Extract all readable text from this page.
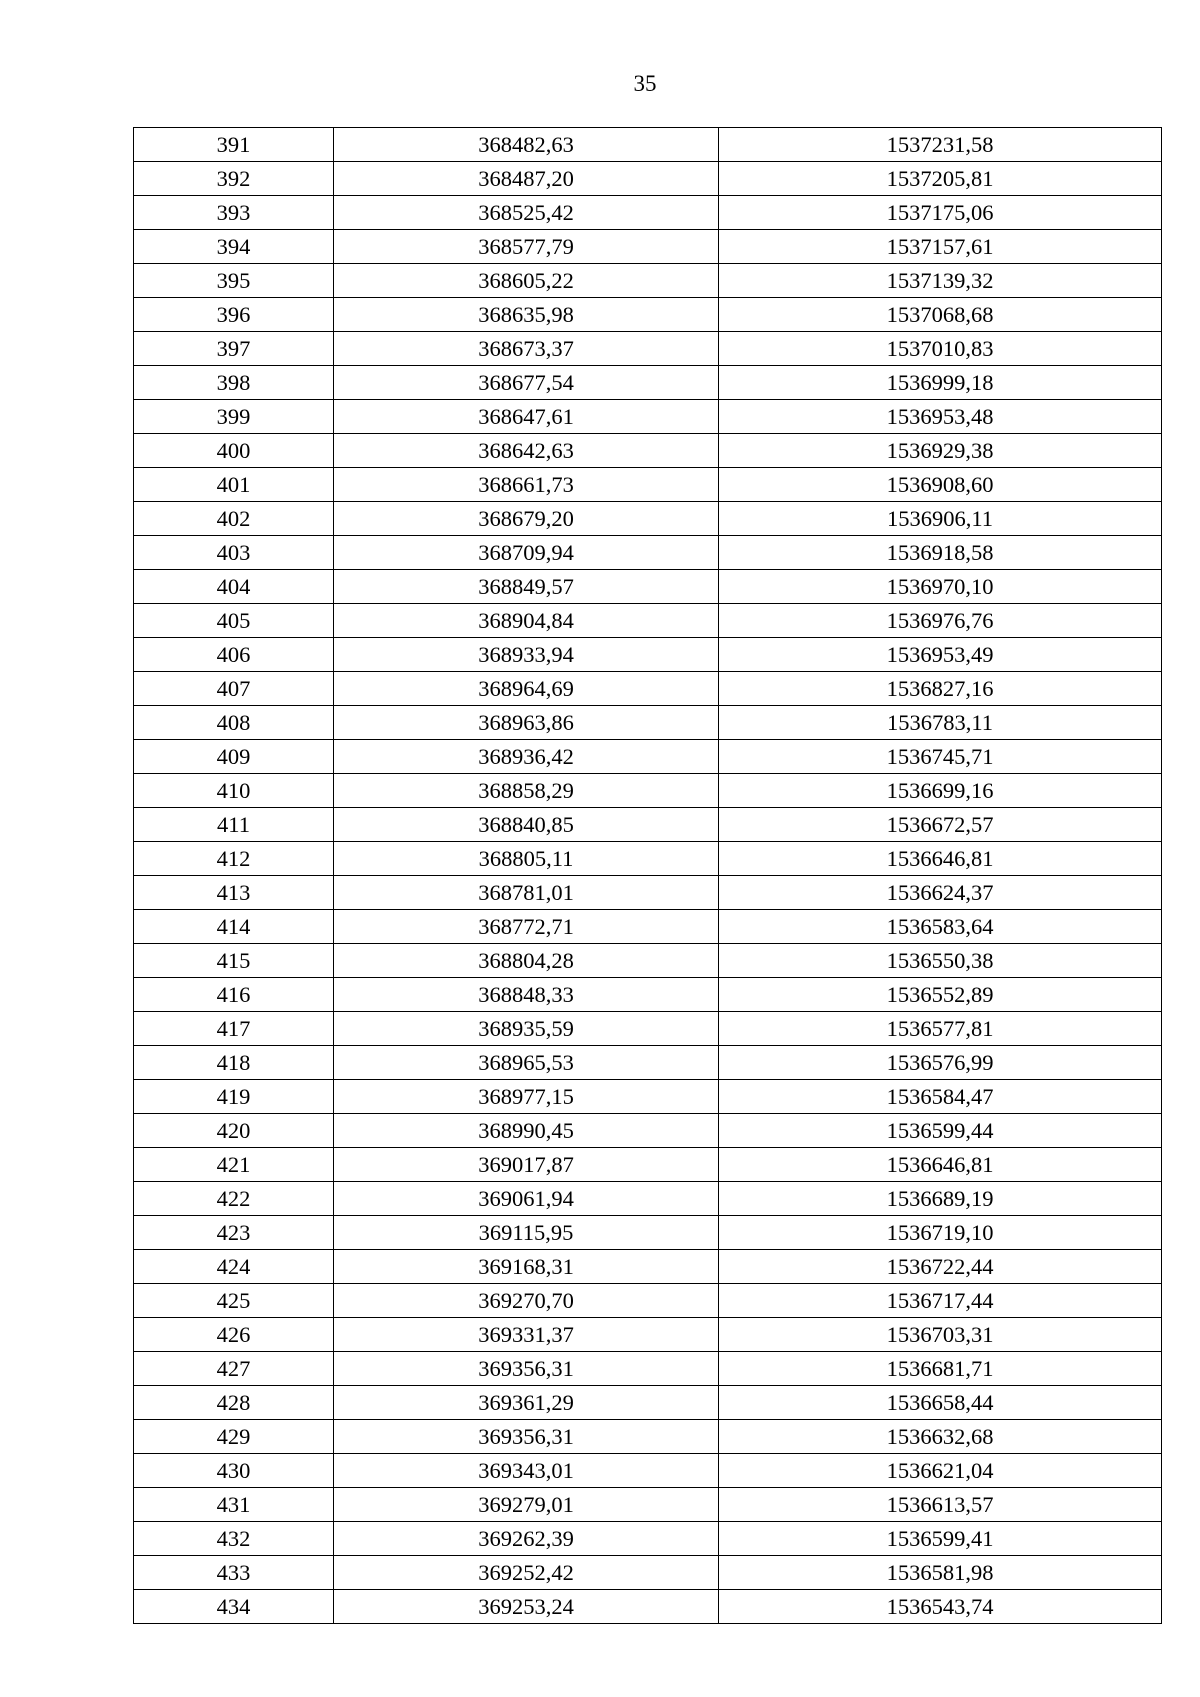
35
391	368482,63	1537231,58
392	368487,20	1537205,81
393	368525,42	1537175,06
394	368577,79	1537157,61
395	368605,22	1537139,32
396	368635,98	1537068,68
397	368673,37	1537010,83
398	368677,54	1536999,18
399	368647,61	1536953,48
400	368642,63	1536929,38
401	368661,73	1536908,60
402	368679,20	1536906,11
403	368709,94	1536918,58
404	368849,57	1536970,10
405	368904,84	1536976,76
406	368933,94	1536953,49
407	368964,69	1536827,16
408	368963,86	1536783,11
409	368936,42	1536745,71
410	368858,29	1536699,16
411	368840,85	1536672,57
412	368805,11	1536646,81
413	368781,01	1536624,37
414	368772,71	1536583,64
415	368804,28	1536550,38
416	368848,33	1536552,89
417	368935,59	1536577,81
418	368965,53	1536576,99
419	368977,15	1536584,47
420	368990,45	1536599,44
421	369017,87	1536646,81
422	369061,94	1536689,19
423	369115,95	1536719,10
424	369168,31	1536722,44
425	369270,70	1536717,44
426	369331,37	1536703,31
427	369356,31	1536681,71
428	369361,29	1536658,44
429	369356,31	1536632,68
430	369343,01	1536621,04
431	369279,01	1536613,57
432	369262,39	1536599,41
433	369252,42	1536581,98
434	369253,24	1536543,74
